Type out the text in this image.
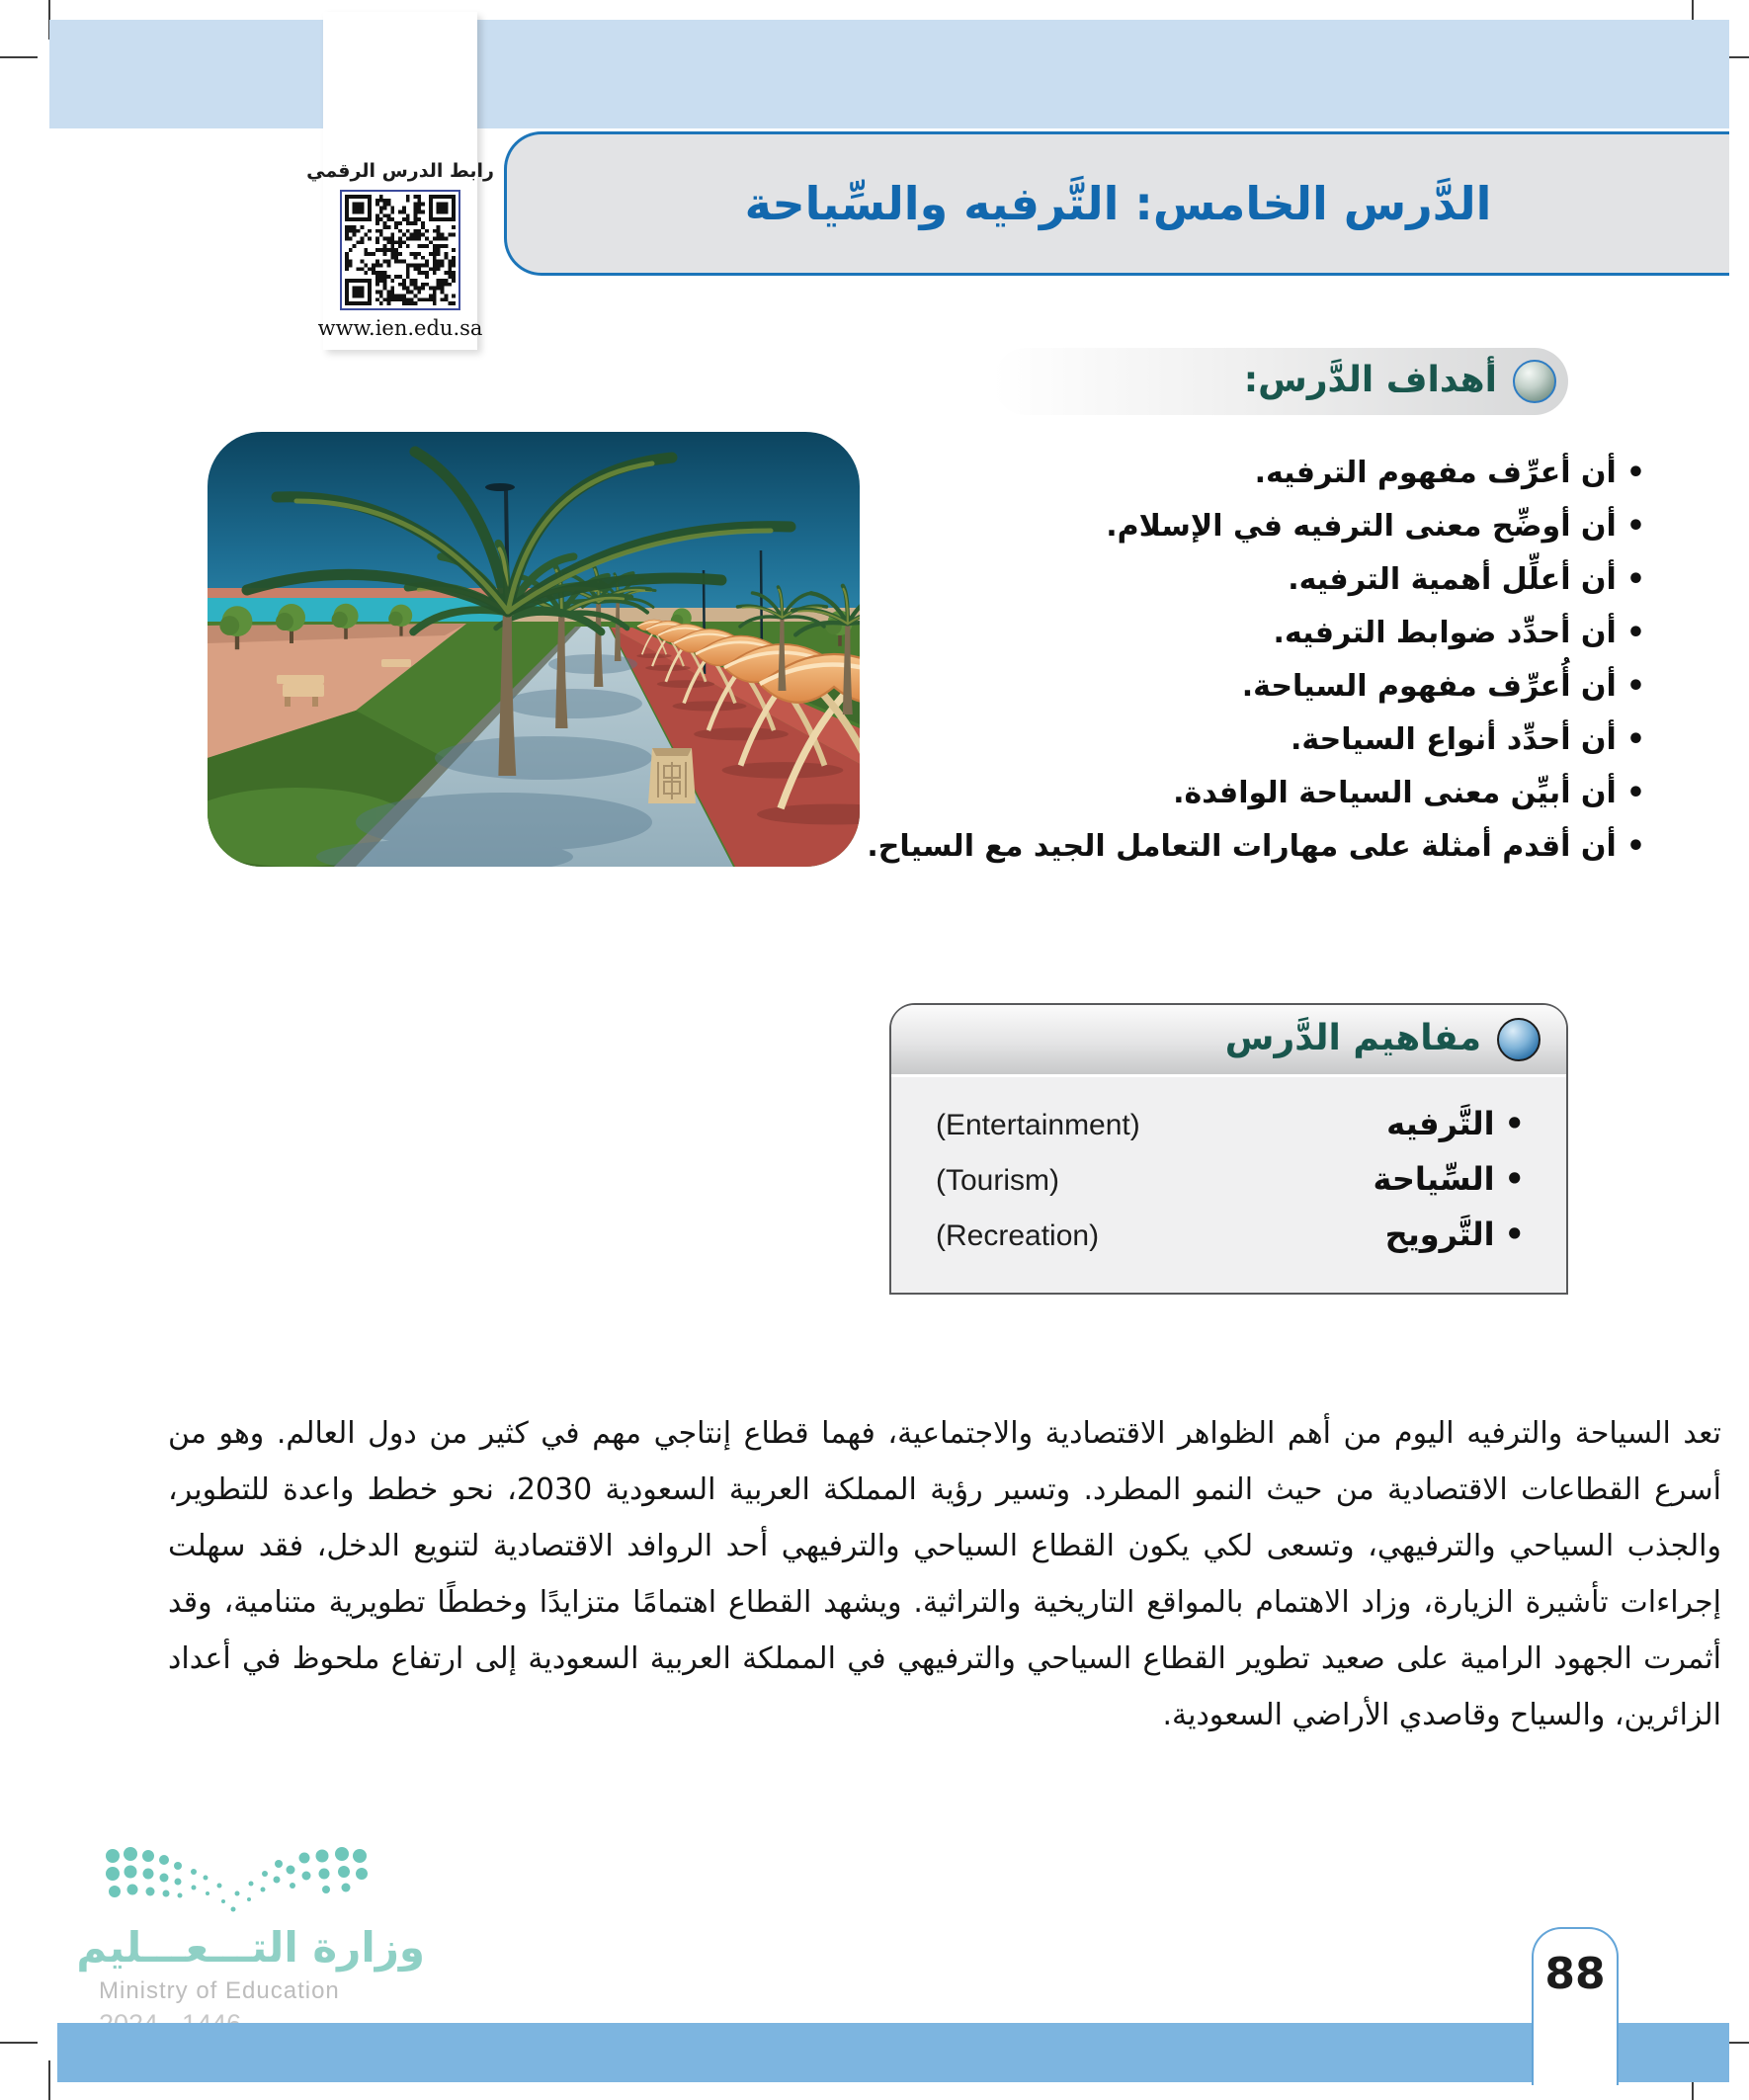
رابط الدرس الرقمي
www.ien.edu.sa
الدَّرس الخامس: التَّرفيه والسِّياحة
أهداف الدَّرس:
•أن أعرِّف مفهوم الترفيه.
•أن أوضِّح معنى الترفيه في الإسلام.
•أن أعلِّل أهمية الترفيه.
•أن أحدِّد ضوابط الترفيه.
•أن أُعرِّف مفهوم السياحة.
•أن أحدِّد أنواع السياحة.
•أن أبيِّن معنى السياحة الوافدة.
•أن أقدم أمثلة على مهارات التعامل الجيد مع السياح.
مفاهيم الدَّرس
•التَّرفيه
(Entertainment)
•السِّياحة
(Tourism)
•التَّرويح
(Recreation)

تعد السياحة والترفيه اليوم من أهم الظواهر الاقتصادية والاجتماعية، فهما قطاع إنتاجي مهم في كثير من دول العالم. وهو من أسرع القطاعات الاقتصادية من حيث النمو المطرد. وتسير رؤية المملكة العربية السعودية 2030، نحو خطط واعدة للتطوير، والجذب السياحي والترفيهي، وتسعى لكي يكون القطاع السياحي والترفيهي أحد الروافد الاقتصادية لتنويع الدخل، فقد سهلت إجراءات تأشيرة الزيارة، وزاد الاهتمام بالمواقع التاريخية والتراثية. ويشهد القطاع اهتمامًا متزايدًا وخططًا تطويرية متنامية، وقد أثمرت الجهود الرامية على صعيد تطوير القطاع السياحي والترفيهي في المملكة العربية السعودية إلى ارتفاع ملحوظ في أعداد الزائرين، والسياح وقاصدي الأراضي السعودية.

وزارة التـــعـــليم
Ministry of Education	88
